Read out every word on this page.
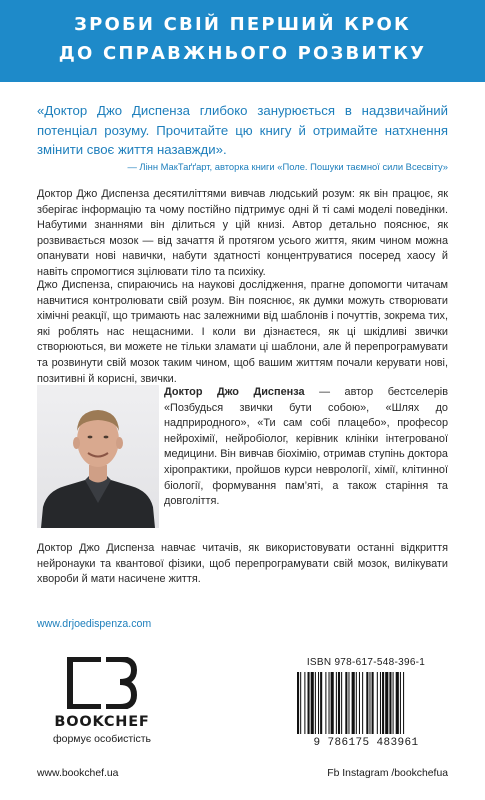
ЗРОБИ СВІЙ ПЕРШИЙ КРОК
ДО СПРАВЖНЬОГО РОЗВИТКУ

«Доктор Джо Диспенза глибоко занурюється в надзвичайний потенціал розуму. Прочитайте цю книгу й отримайте натхнення змінити своє життя назавжди».

— Лінн МакТаґґарт, авторка книги «Поле. Пошуки таємної сили Всесвіту»

Доктор Джо Диспенза десятиліттями вивчав людський розум: як він працює, як зберігає інформацію та чому постійно підтримує одні й ті самі моделі поведінки. Набутими знаннями він ділиться у цій книзі. Автор детально пояснює, як розвивається мозок — від зачаття й протягом усього життя, яким чином можна опанувати нові навички, набути здатності концентруватися посеред хаосу й навіть спромогтися зцілювати тіло та психіку.

Джо Диспенза, спираючись на наукові дослідження, прагне допомогти читачам навчитися контролювати свій розум. Він пояснює, як думки можуть створювати хімічні реакції, що тримають нас залежними від шаблонів і почуттів, зокрема тих, які роблять нас нещасними. І коли ви дізнаєтеся, як ці шкідливі звички створюються, ви можете не тільки зламати ці шаблони, але й перепрограмувати та розвинути свій мозок таким чином, щоб вашим життям почали керувати нові, позитивні й корисні, звички.

Доктор Джо Диспенза — автор бестселерів «Позбудься звички бути собою», «Шлях до надприродного», «Ти сам собі плацебо», професор нейрохімії, нейробіолог, керівник клініки інтегрованої медицини. Він вивчав біохімію, отримав ступінь доктора хіропрактики, пройшов курси неврології, хімії, клітинної біології, формування пам’яті, а також старіння та довголіття.

Доктор Джо Диспенза навчає читачів, як використовувати останні відкриття нейронауки та квантової фізики, щоб перепрограмувати свій мозок, вилікувати хвороби й мати насичене життя.

www.drjoedispenza.com
BOOKCHEF
формує особистість
ISBN 978-617-548-396-1
9 786175 483961
www.bookchef.ua	Fb Instagram /bookchefua
